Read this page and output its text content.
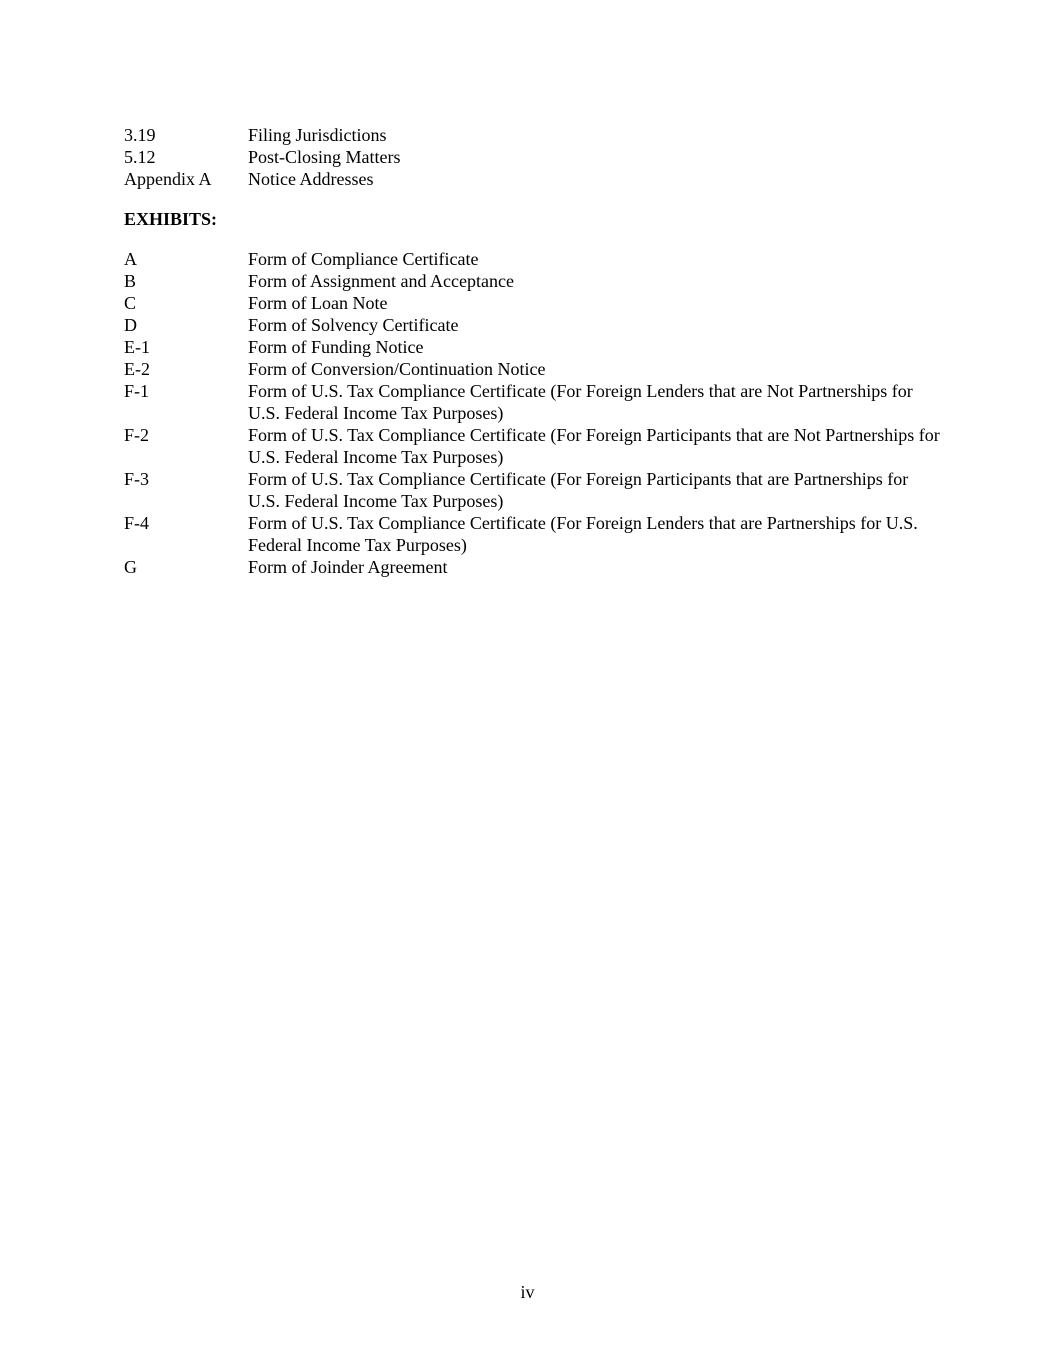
3.19	Filing Jurisdictions
5.12	Post-Closing Matters
Appendix A	Notice Addresses
EXHIBITS:
A	Form of Compliance Certificate
B	Form of Assignment and Acceptance
C	Form of Loan Note
D	Form of Solvency Certificate
E-1	Form of Funding Notice
E-2	Form of Conversion/Continuation Notice
F-1	Form of U.S. Tax Compliance Certificate (For Foreign Lenders that are Not Partnerships for U.S. Federal Income Tax Purposes)
F-2	Form of U.S. Tax Compliance Certificate (For Foreign Participants that are Not Partnerships for U.S. Federal Income Tax Purposes)
F-3	Form of U.S. Tax Compliance Certificate (For Foreign Participants that are Partnerships for U.S. Federal Income Tax Purposes)
F-4	Form of U.S. Tax Compliance Certificate (For Foreign Lenders that are Partnerships for U.S. Federal Income Tax Purposes)
G	Form of Joinder Agreement
iv
